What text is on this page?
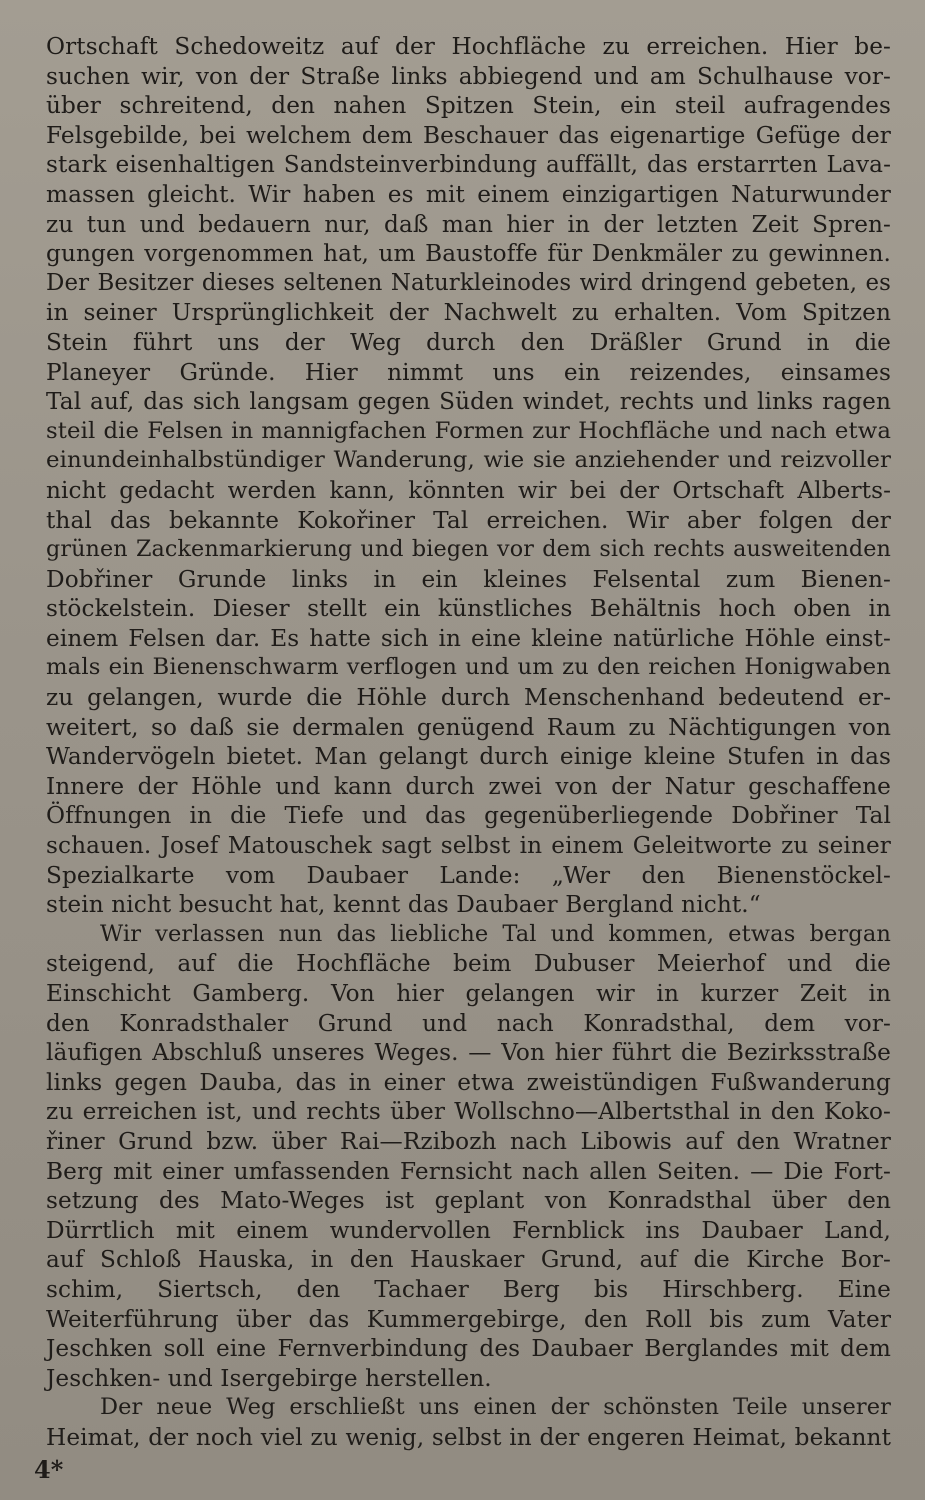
Ortschaft Schedoweitz auf der Hochfläche zu erreichen. Hier be-
suchen wir, von der Straße links abbiegend und am Schulhause vor-
über schreitend, den nahen Spitzen Stein, ein steil aufragendes
Felsgebilde, bei welchem dem Beschauer das eigenartige Gefüge der
stark eisenhaltigen Sandsteinverbindung auffällt, das erstarrten Lava-
massen gleicht. Wir haben es mit einem einzigartigen Naturwunder
zu tun und bedauern nur, daß man hier in der letzten Zeit Spren-
gungen vorgenommen hat, um Baustoffe für Denkmäler zu gewinnen.
Der Besitzer dieses seltenen Naturkleinodes wird dringend gebeten, es
in seiner Ursprünglichkeit der Nachwelt zu erhalten. Vom Spitzen
Stein führt uns der Weg durch den Dräßler Grund in die
Planeyer Gründe. Hier nimmt uns ein reizendes, einsames
Tal auf, das sich langsam gegen Süden windet, rechts und links ragen
steil die Felsen in mannigfachen Formen zur Hochfläche und nach etwa
einundeinhalbstündiger Wanderung, wie sie anziehender und reizvoller
nicht gedacht werden kann, könnten wir bei der Ortschaft Alberts-
thal das bekannte Kokořiner Tal erreichen. Wir aber folgen der
grünen Zackenmarkierung und biegen vor dem sich rechts ausweitenden
Dobřiner Grunde links in ein kleines Felsental zum Bienen-
stöckelstein. Dieser stellt ein künstliches Behältnis hoch oben in
einem Felsen dar. Es hatte sich in eine kleine natürliche Höhle einst-
mals ein Bienenschwarm verflogen und um zu den reichen Honigwaben
zu gelangen, wurde die Höhle durch Menschenhand bedeutend er-
weitert, so daß sie dermalen genügend Raum zu Nächtigungen von
Wandervögeln bietet. Man gelangt durch einige kleine Stufen in das
Innere der Höhle und kann durch zwei von der Natur geschaffene
Öffnungen in die Tiefe und das gegenüberliegende Dobřiner Tal
schauen. Josef Matouschek sagt selbst in einem Geleitworte zu seiner
Spezialkarte vom Daubaer Lande: „Wer den Bienenstöckel-
stein nicht besucht hat, kennt das Daubaer Bergland nicht.“
Wir verlassen nun das liebliche Tal und kommen, etwas bergan
steigend, auf die Hochfläche beim Dubuser Meierhof und die
Einschicht Gamberg. Von hier gelangen wir in kurzer Zeit in
den Konradsthaler Grund und nach Konradsthal, dem vor-
läufigen Abschluß unseres Weges. — Von hier führt die Bezirksstraße
links gegen Dauba, das in einer etwa zweistündigen Fußwanderung
zu erreichen ist, und rechts über Wollschno—Albertsthal in den Koko-
řiner Grund bzw. über Rai—Rzibozh nach Libowis auf den Wratner
Berg mit einer umfassenden Fernsicht nach allen Seiten. — Die Fort-
setzung des Mato-Weges ist geplant von Konradsthal über den
Dürrtlich mit einem wundervollen Fernblick ins Daubaer Land,
auf Schloß Hauska, in den Hauskaer Grund, auf die Kirche Bor-
schim, Siertsch, den Tachaer Berg bis Hirschberg. Eine
Weiterführung über das Kummergebirge, den Roll bis zum Vater
Jeschken soll eine Fernverbindung des Daubaer Berglandes mit dem
Jeschken- und Isergebirge herstellen.
Der neue Weg erschließt uns einen der schönsten Teile unserer
Heimat, der noch viel zu wenig, selbst in der engeren Heimat, bekannt
4*
